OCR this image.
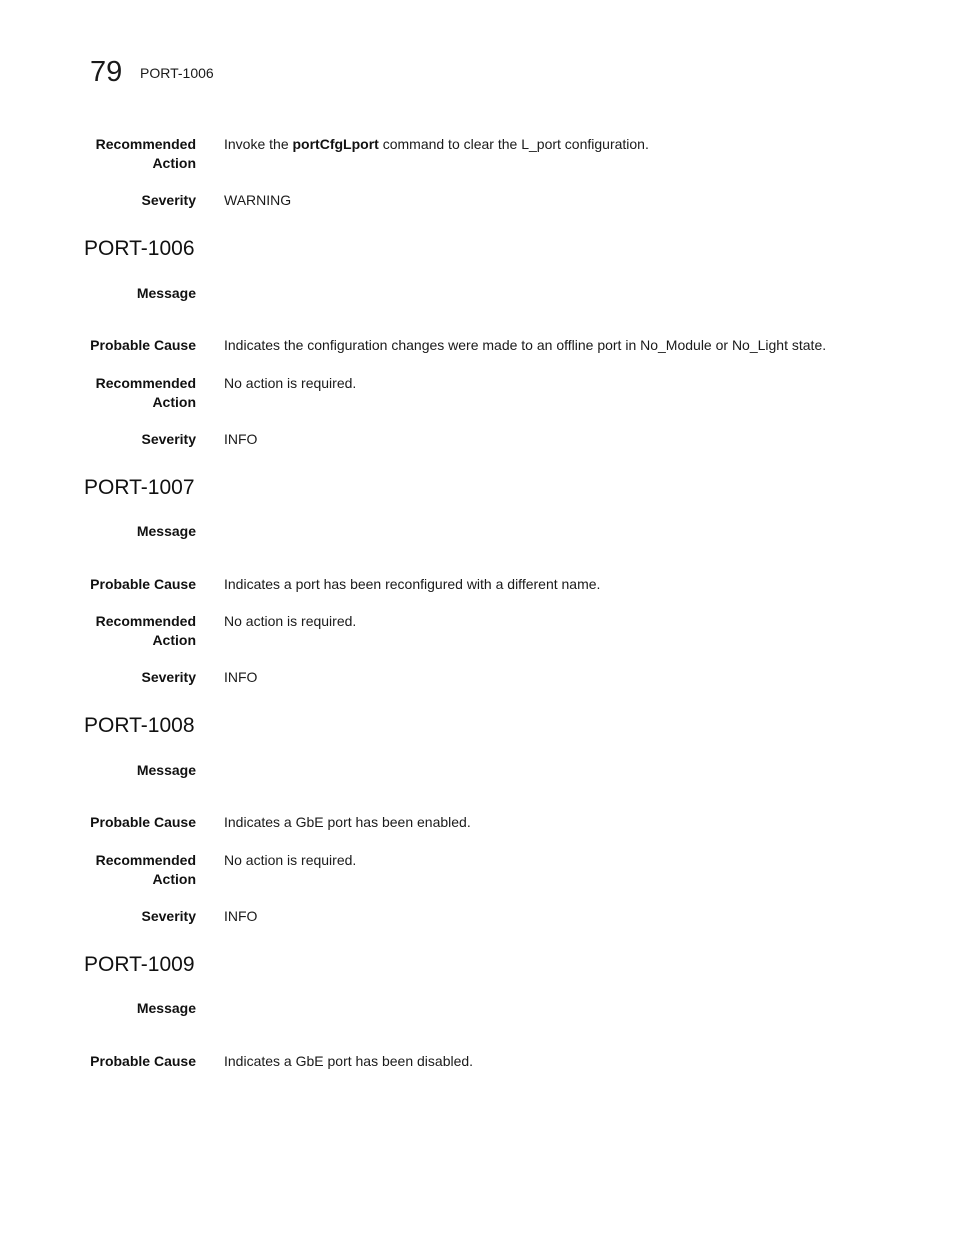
79 PORT-1006
Recommended
Action
Invoke the portCfgLport command to clear the L_port configuration.
Severity WARNING
PORT-1006
Message
Probable Cause Indicates the configuration changes were made to an offline port in No_Module or No_Light state.
Recommended
Action
No action is required.
Severity INFO
PORT-1007
Message
Probable Cause Indicates a port has been reconfigured with a different name.
Recommended
Action
No action is required.
Severity INFO
PORT-1008
Message
Probable Cause Indicates a GbE port has been enabled.
Recommended
Action
No action is required.
Severity INFO
PORT-1009
Message
Probable Cause Indicates a GbE port has been disabled.
